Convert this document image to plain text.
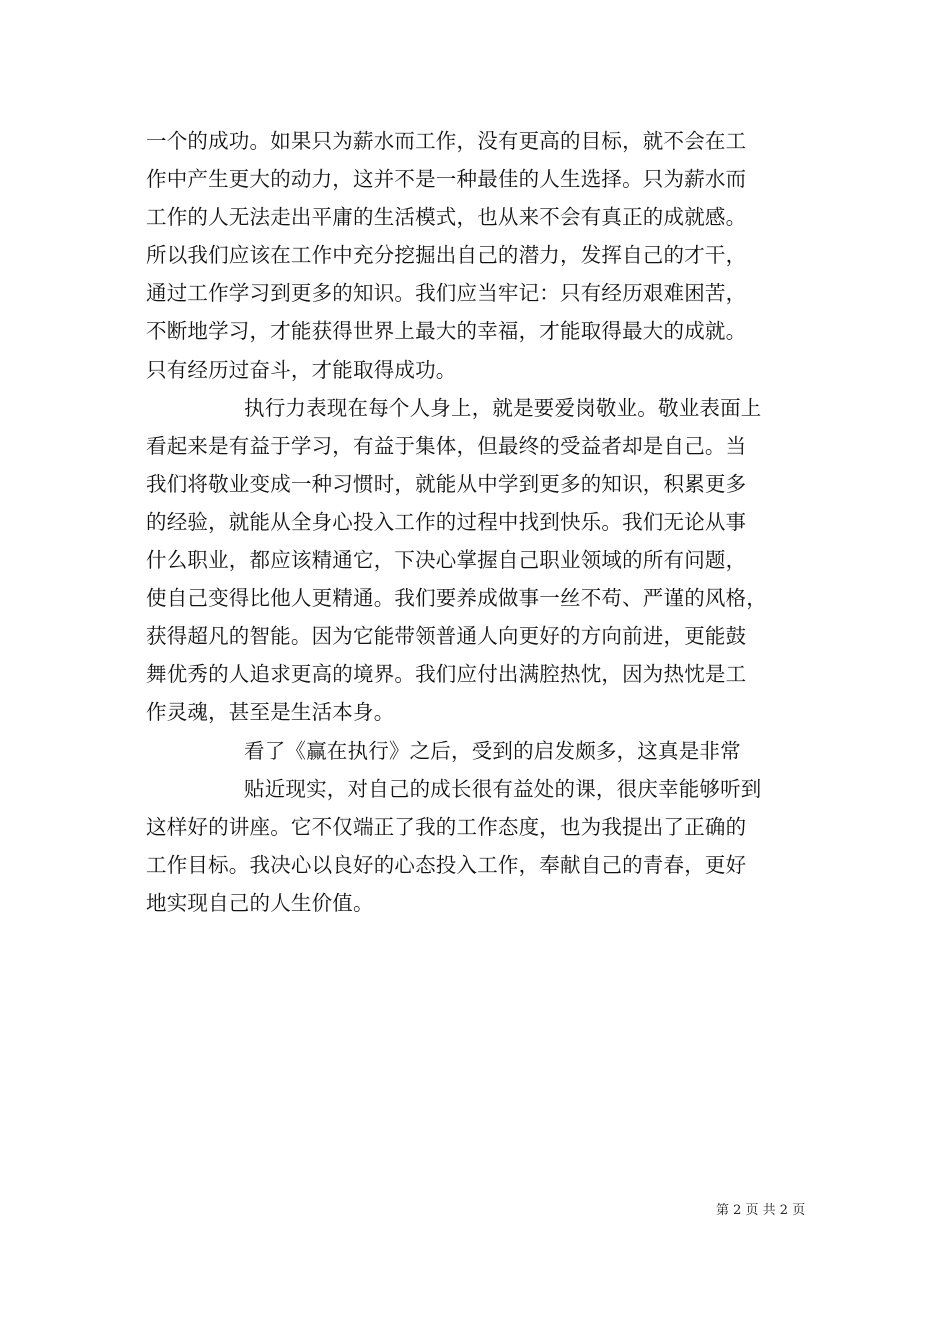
一个的成功。如果只为薪水而工作，没有更高的目标，就不会在工
作中产生更大的动力，这并不是一种最佳的人生选择。只为薪水而
工作的人无法走出平庸的生活模式，也从来不会有真正的成就感。
所以我们应该在工作中充分挖掘出自己的潜力，发挥自己的才干，
通过工作学习到更多的知识。我们应当牢记：只有经历艰难困苦，
不断地学习，才能获得世界上最大的幸福，才能取得最大的成就。
只有经历过奋斗，才能取得成功。
执行力表现在每个人身上，就是要爱岗敬业。敬业表面上
看起来是有益于学习，有益于集体，但最终的受益者却是自己。当
我们将敬业变成一种习惯时，就能从中学到更多的知识，积累更多
的经验，就能从全身心投入工作的过程中找到快乐。我们无论从事
什么职业，都应该精通它，下决心掌握自己职业领域的所有问题，
使自己变得比他人更精通。我们要养成做事一丝不苟、严谨的风格，
获得超凡的智能。因为它能带领普通人向更好的方向前进，更能鼓
舞优秀的人追求更高的境界。我们应付出满腔热忱，因为热忱是工
作灵魂，甚至是生活本身。
看了《赢在执行》之后，受到的启发颇多，这真是非常
贴近现实，对自己的成长很有益处的课，很庆幸能够听到
这样好的讲座。它不仅端正了我的工作态度，也为我提出了正确的
工作目标。我决心以良好的心态投入工作，奉献自己的青春，更好
地实现自己的人生价值。
第 2 页 共 2 页
